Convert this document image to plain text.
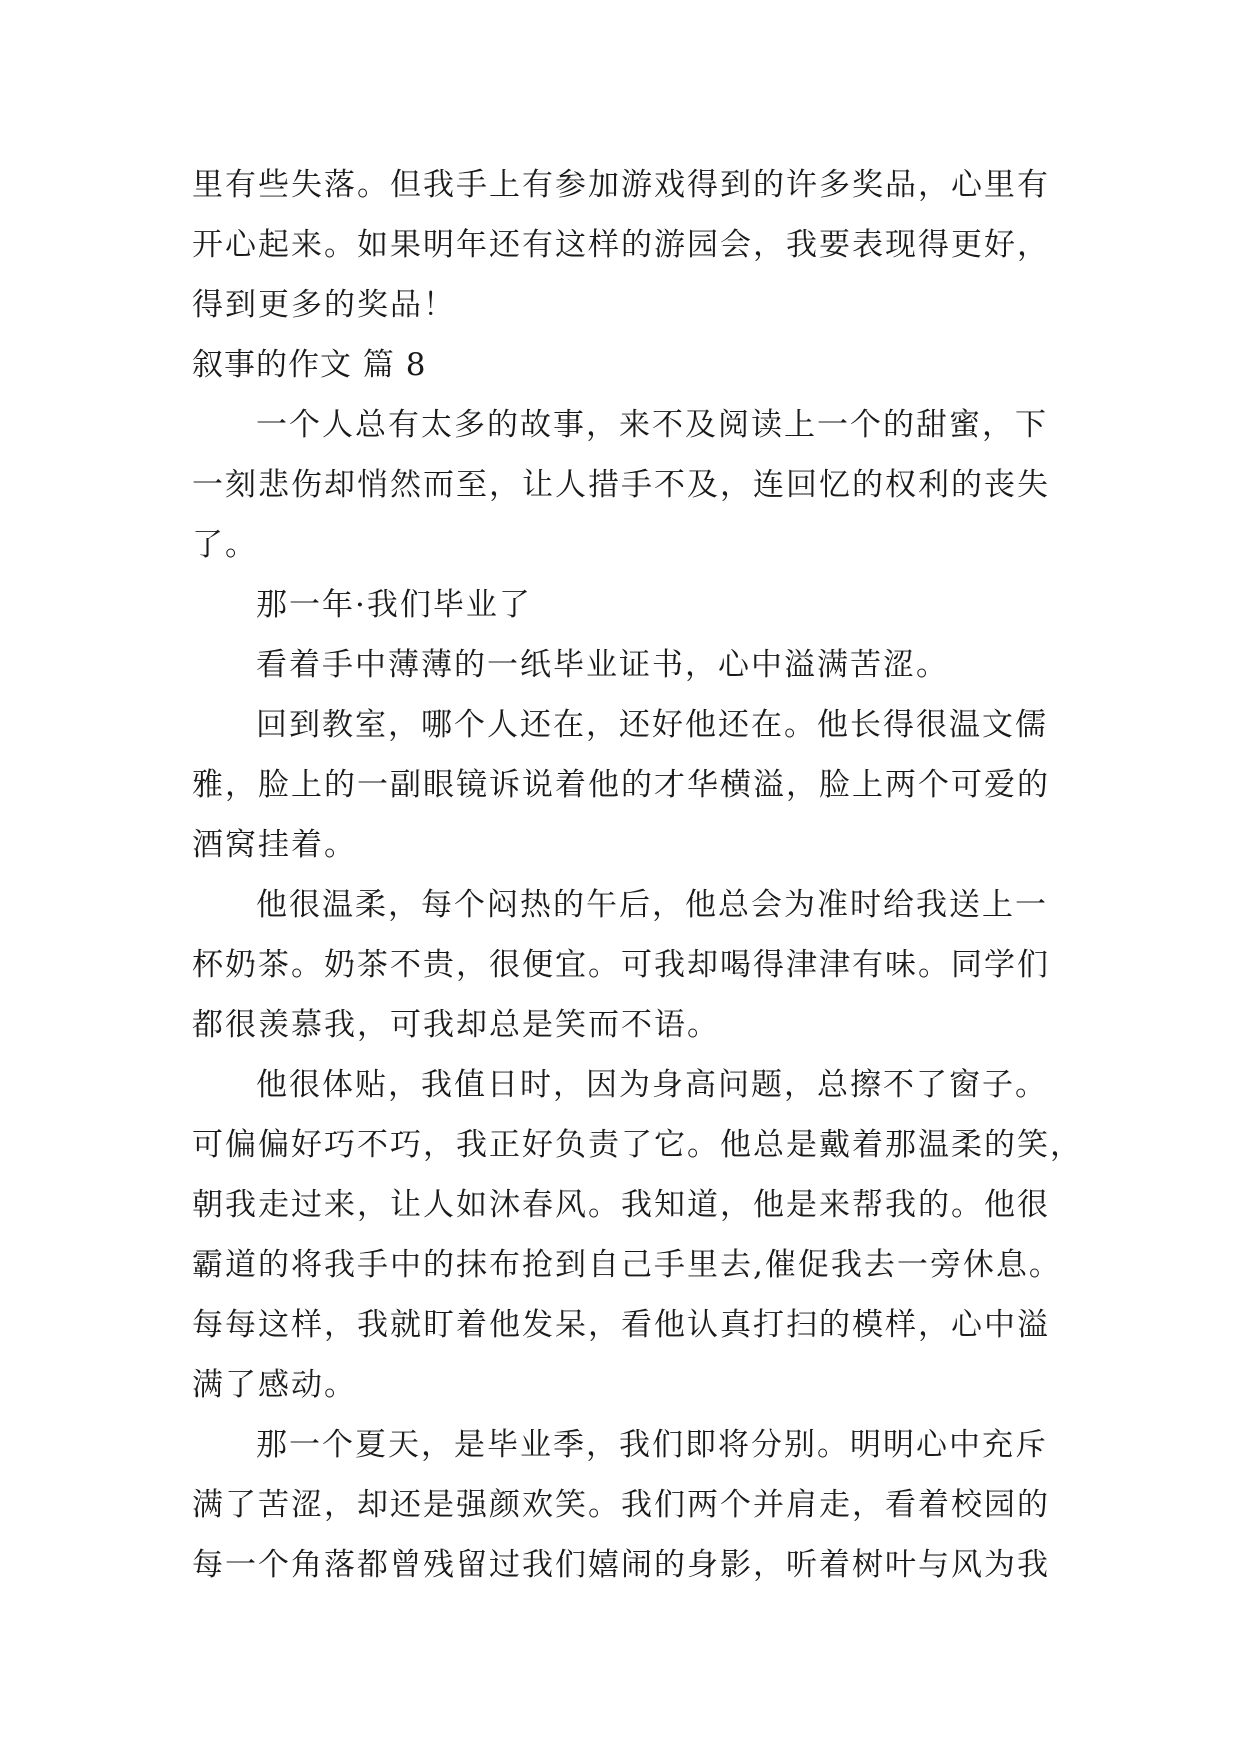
里有些失落。但我手上有参加游戏得到的许多奖品，心里有
开心起来。如果明年还有这样的游园会，我要表现得更好，
得到更多的奖品！
叙事的作文 篇 8
一个人总有太多的故事，来不及阅读上一个的甜蜜，下
一刻悲伤却悄然而至，让人措手不及，连回忆的权利的丧失
了。
那一年·我们毕业了
看着手中薄薄的一纸毕业证书，心中溢满苦涩。
回到教室，哪个人还在，还好他还在。他长得很温文儒
雅，脸上的一副眼镜诉说着他的才华横溢，脸上两个可爱的
酒窝挂着。
他很温柔，每个闷热的午后，他总会为准时给我送上一
杯奶茶。奶茶不贵，很便宜。可我却喝得津津有味。同学们
都很羡慕我，可我却总是笑而不语。
他很体贴，我值日时，因为身高问题，总擦不了窗子。
可偏偏好巧不巧，我正好负责了它。他总是戴着那温柔的笑，
朝我走过来，让人如沐春风。我知道，他是来帮我的。他很
霸道的将我手中的抹布抢到自己手里去,催促我去一旁休息。
每每这样，我就盯着他发呆，看他认真打扫的模样，心中溢
满了感动。
那一个夏天，是毕业季，我们即将分别。明明心中充斥
满了苦涩，却还是强颜欢笑。我们两个并肩走，看着校园的
每一个角落都曾残留过我们嬉闹的身影，听着树叶与风为我
